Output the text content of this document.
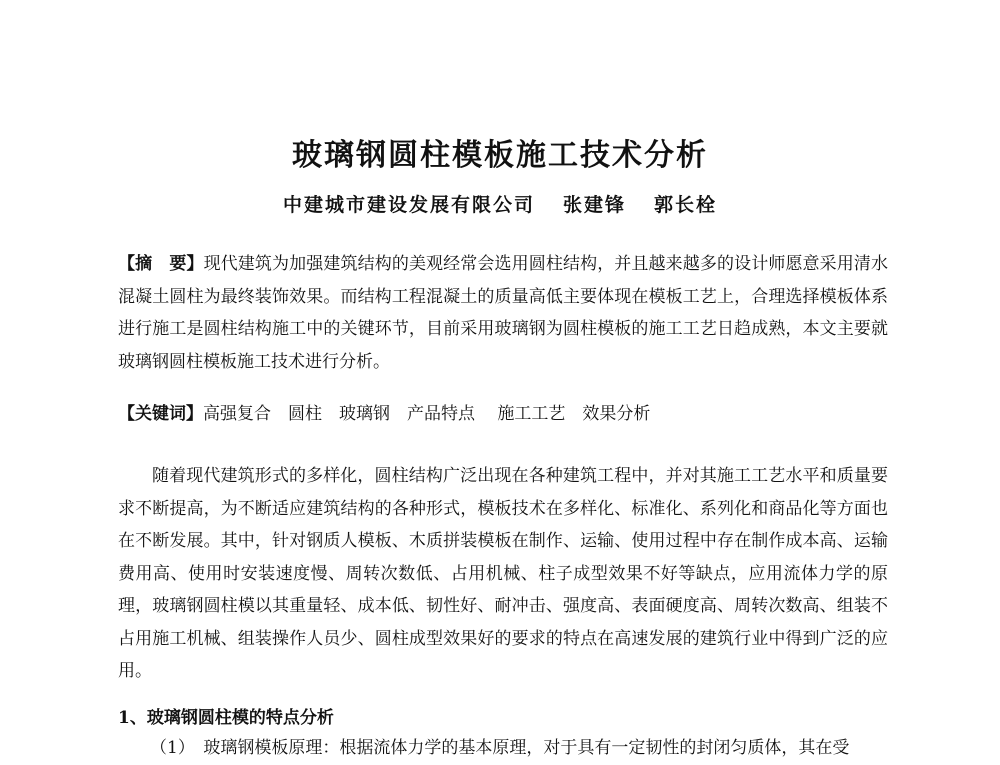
玻璃钢圆柱模板施工技术分析
中建城市建设发展有限公司 张建锋 郭长栓

【摘　要】现代建筑为加强建筑结构的美观经常会选用圆柱结构，并且越来越多的设计师愿意采用清水混凝土圆柱为最终装饰效果。而结构工程混凝土的质量高低主要体现在模板工艺上，合理选择模板体系进行施工是圆柱结构施工中的关键环节，目前采用玻璃钢为圆柱模板的施工工艺日趋成熟，本文主要就玻璃钢圆柱模板施工技术进行分析。

【关键词】高强复合　圆柱　玻璃钢　产品特点　 施工工艺　效果分析

随着现代建筑形式的多样化，圆柱结构广泛出现在各种建筑工程中，并对其施工工艺水平和质量要求不断提高，为不断适应建筑结构的各种形式，模板技术在多样化、标准化、系列化和商品化等方面也在不断发展。其中，针对钢质人模板、木质拼装模板在制作、运输、使用过程中存在制作成本高、运输费用高、使用时安装速度慢、周转次数低、占用机械、柱子成型效果不好等缺点，应用流体力学的原理，玻璃钢圆柱模以其重量轻、成本低、韧性好、耐冲击、强度高、表面硬度高、周转次数高、组装不占用施工机械、组装操作人员少、圆柱成型效果好的要求的特点在高速发展的建筑行业中得到广泛的应用。

1、玻璃钢圆柱模的特点分析

（1）　玻璃钢模板原理：根据流体力学的基本原理，对于具有一定韧性的封闭匀质体，其在受
